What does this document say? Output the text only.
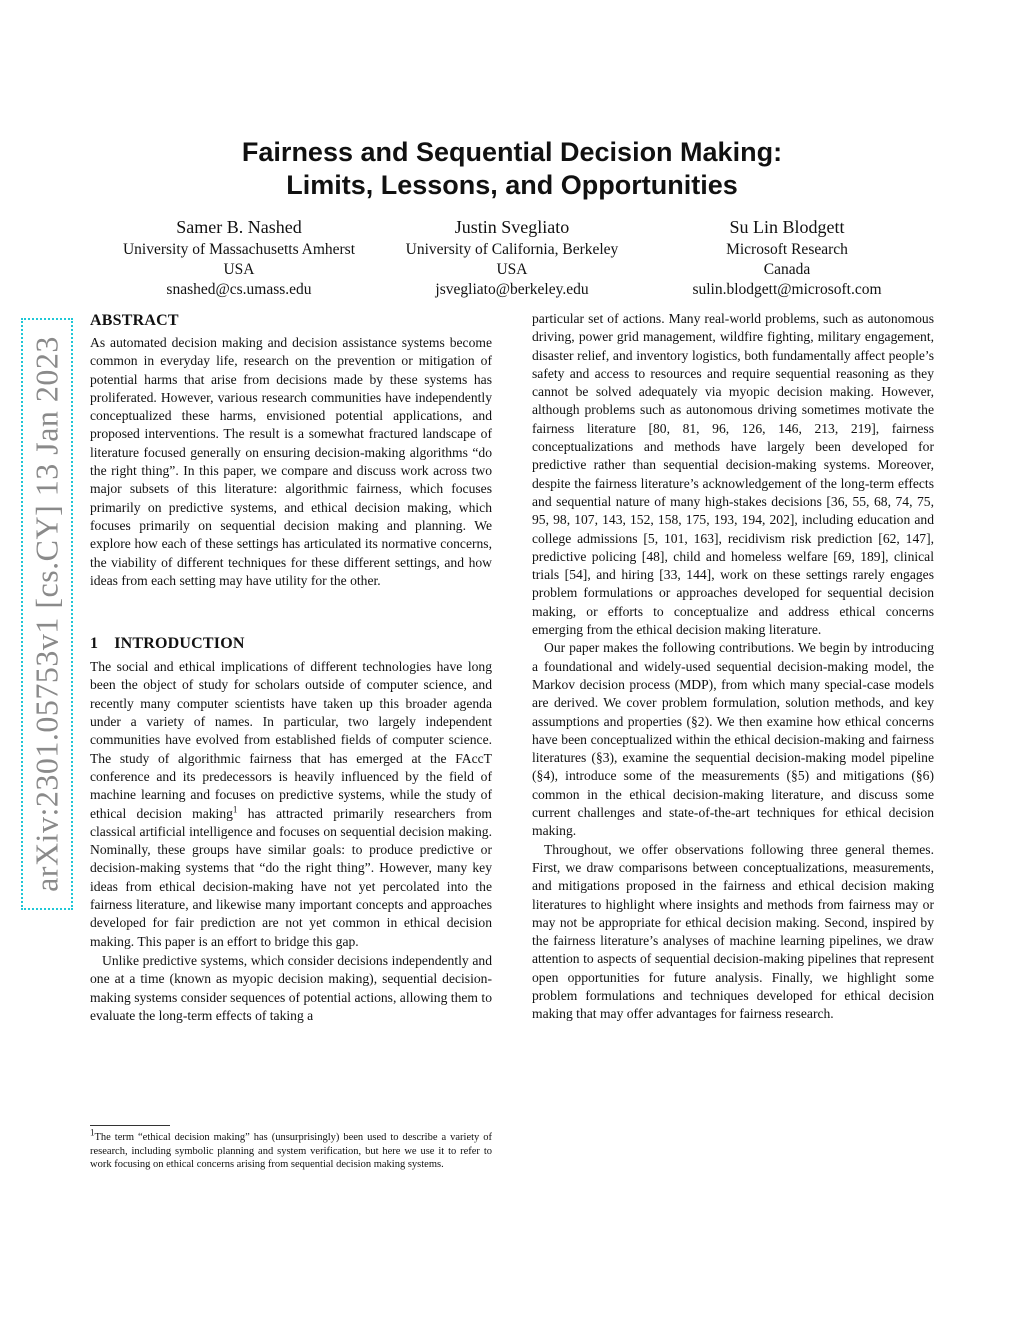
arXiv:2301.05753v1 [cs.CY] 13 Jan 2023
Fairness and Sequential Decision Making:
Limits, Lessons, and Opportunities
Samer B. Nashed
University of Massachusetts Amherst
USA
snashed@cs.umass.edu
Justin Svegliato
University of California, Berkeley
USA
jsvegliato@berkeley.edu
Su Lin Blodgett
Microsoft Research
Canada
sulin.blodgett@microsoft.com
ABSTRACT

As automated decision making and decision assistance systems become common in everyday life, research on the prevention or mitigation of potential harms that arise from decisions made by these systems has proliferated. However, various research communities have independently conceptualized these harms, envisioned potential applications, and proposed interventions. The result is a somewhat fractured landscape of literature focused generally on ensuring decision-making algorithms “do the right thing”. In this paper, we compare and discuss work across two major subsets of this literature: algorithmic fairness, which focuses primarily on predictive systems, and ethical decision making, which focuses primarily on sequential decision making and planning. We explore how each of these settings has articulated its normative concerns, the viability of different techniques for these different settings, and how ideas from each setting may have utility for the other.

1 INTRODUCTION

The social and ethical implications of different technologies have long been the object of study for scholars outside of computer science, and recently many computer scientists have taken up this broader agenda under a variety of names. In particular, two largely independent communities have evolved from established fields of computer science. The study of algorithmic fairness that has emerged at the FAccT conference and its predecessors is heavily influenced by the field of machine learning and focuses on predictive systems, while the study of ethical decision making$^1$ has attracted primarily researchers from classical artificial intelligence and focuses on sequential decision making. Nominally, these groups have similar goals: to produce predictive or decision-making systems that “do the right thing”. However, many key ideas from ethical decision-making have not yet percolated into the fairness literature, and likewise many important concepts and approaches developed for fair prediction are not yet common in ethical decision making. This paper is an effort to bridge this gap.

Unlike predictive systems, which consider decisions independently and one at a time (known as myopic decision making), sequential decision-making systems consider sequences of potential actions, allowing them to evaluate the long-term effects of taking a

particular set of actions. Many real-world problems, such as autonomous driving, power grid management, wildfire fighting, military engagement, disaster relief, and inventory logistics, both fundamentally affect people’s safety and access to resources and require sequential reasoning as they cannot be solved adequately via myopic decision making. However, although problems such as autonomous driving sometimes motivate the fairness literature [80, 81, 96, 126, 146, 213, 219], fairness conceptualizations and methods have largely been developed for predictive rather than sequential decision-making systems. Moreover, despite the fairness literature’s acknowledgement of the long-term effects and sequential nature of many high-stakes decisions [36, 55, 68, 74, 75, 95, 98, 107, 143, 152, 158, 175, 193, 194, 202], including education and college admissions [5, 101, 163], recidivism risk prediction [62, 147], predictive policing [48], child and homeless welfare [69, 189], clinical trials [54], and hiring [33, 144], work on these settings rarely engages problem formulations or approaches developed for sequential decision making, or efforts to conceptualize and address ethical concerns emerging from the ethical decision making literature.

Our paper makes the following contributions. We begin by introducing a foundational and widely-used sequential decision-making model, the Markov decision process (MDP), from which many special-case models are derived. We cover problem formulation, solution methods, and key assumptions and properties (§2). We then examine how ethical concerns have been conceptualized within the ethical decision-making and fairness literatures (§3), examine the sequential decision-making model pipeline (§4), introduce some of the measurements (§5) and mitigations (§6) common in the ethical decision-making literature, and discuss some current challenges and state-of-the-art techniques for ethical decision making.

Throughout, we offer observations following three general themes. First, we draw comparisons between conceptualizations, measurements, and mitigations proposed in the fairness and ethical decision making literatures to highlight where insights and methods from fairness may or may not be appropriate for ethical decision making. Second, inspired by the fairness literature’s analyses of machine learning pipelines, we draw attention to aspects of sequential decision-making pipelines that represent open opportunities for future analysis. Finally, we highlight some problem formulations and techniques developed for ethical decision making that may offer advantages for fairness research.

$^1$The term “ethical decision making” has (unsurprisingly) been used to describe a variety of research, including symbolic planning and system verification, but here we use it to refer to work focusing on ethical concerns arising from sequential decision making systems.
